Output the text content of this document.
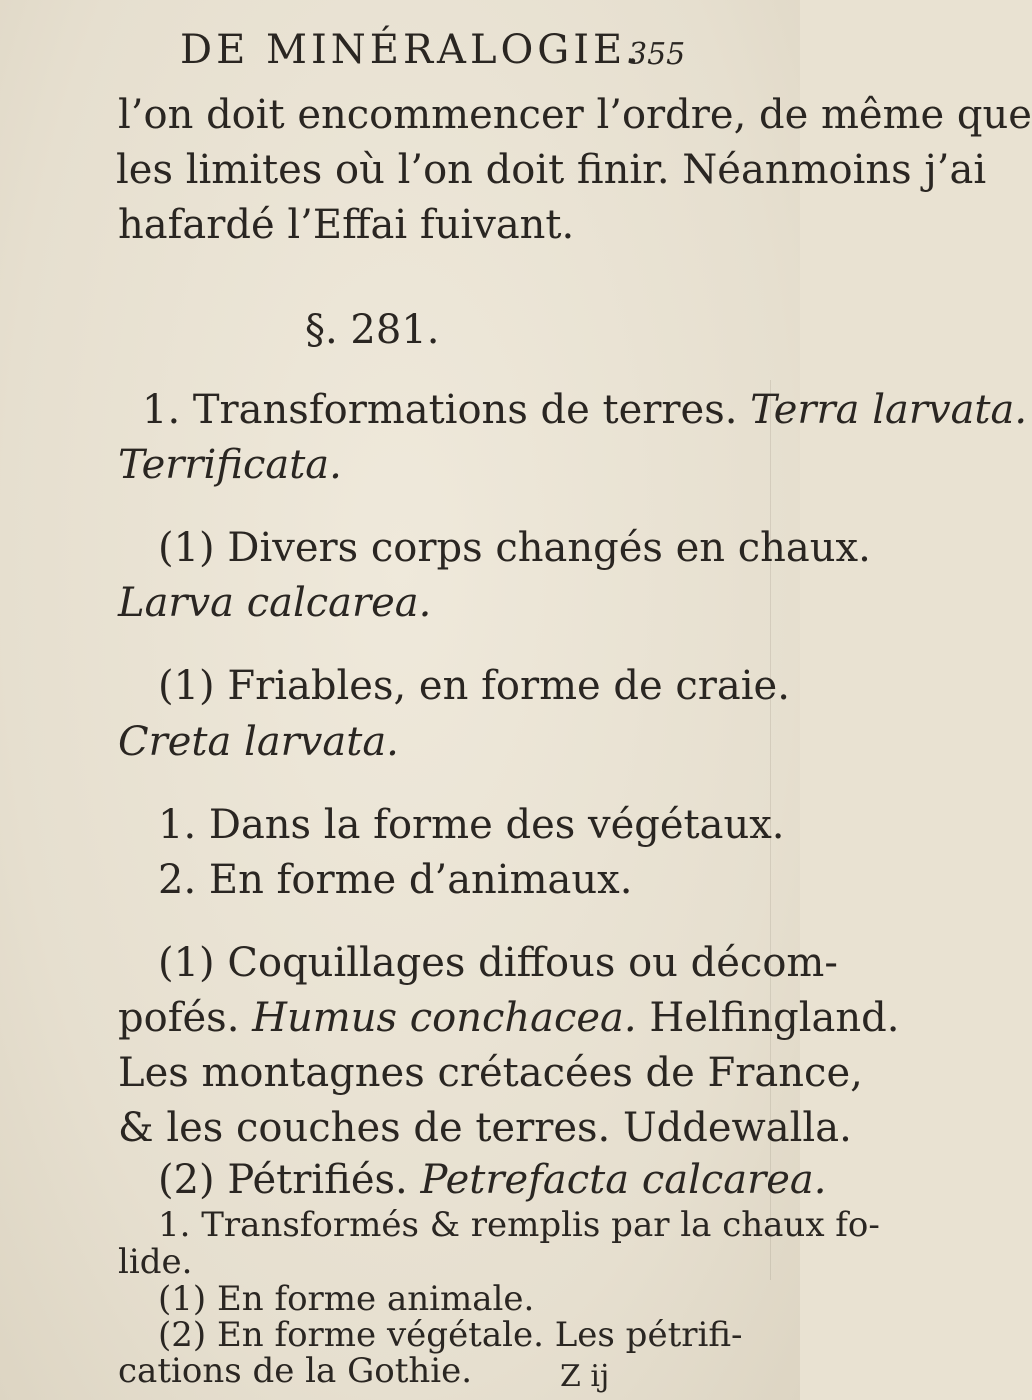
DE MINÉRALOGIE.
355
l’on doit encommencer l’ordre, de même que
les limites où l’on doit finir. Néanmoins j’ai
hafardé l’Effai fuivant.
§. 281.
1. Transformations de terres. Terra larvata.
Terrificata.
(1) Divers corps changés en chaux.
Larva calcarea.
(1) Friables, en forme de craie.
Creta larvata.
1. Dans la forme des végétaux.
2. En forme d’animaux.
(1) Coquillages diffous ou décom-
pofés. Humus conchacea. Helfingland.
Les montagnes crétacées de France,
& les couches de terres. Uddewalla.
(2) Pétrifiés. Petrefacta calcarea.
1. Transformés & remplis par la chaux fo-
lide.
(1) En forme animale.
Z ij
(2) En forme végétale. Les pétrifi-
cations de la Gothie.
